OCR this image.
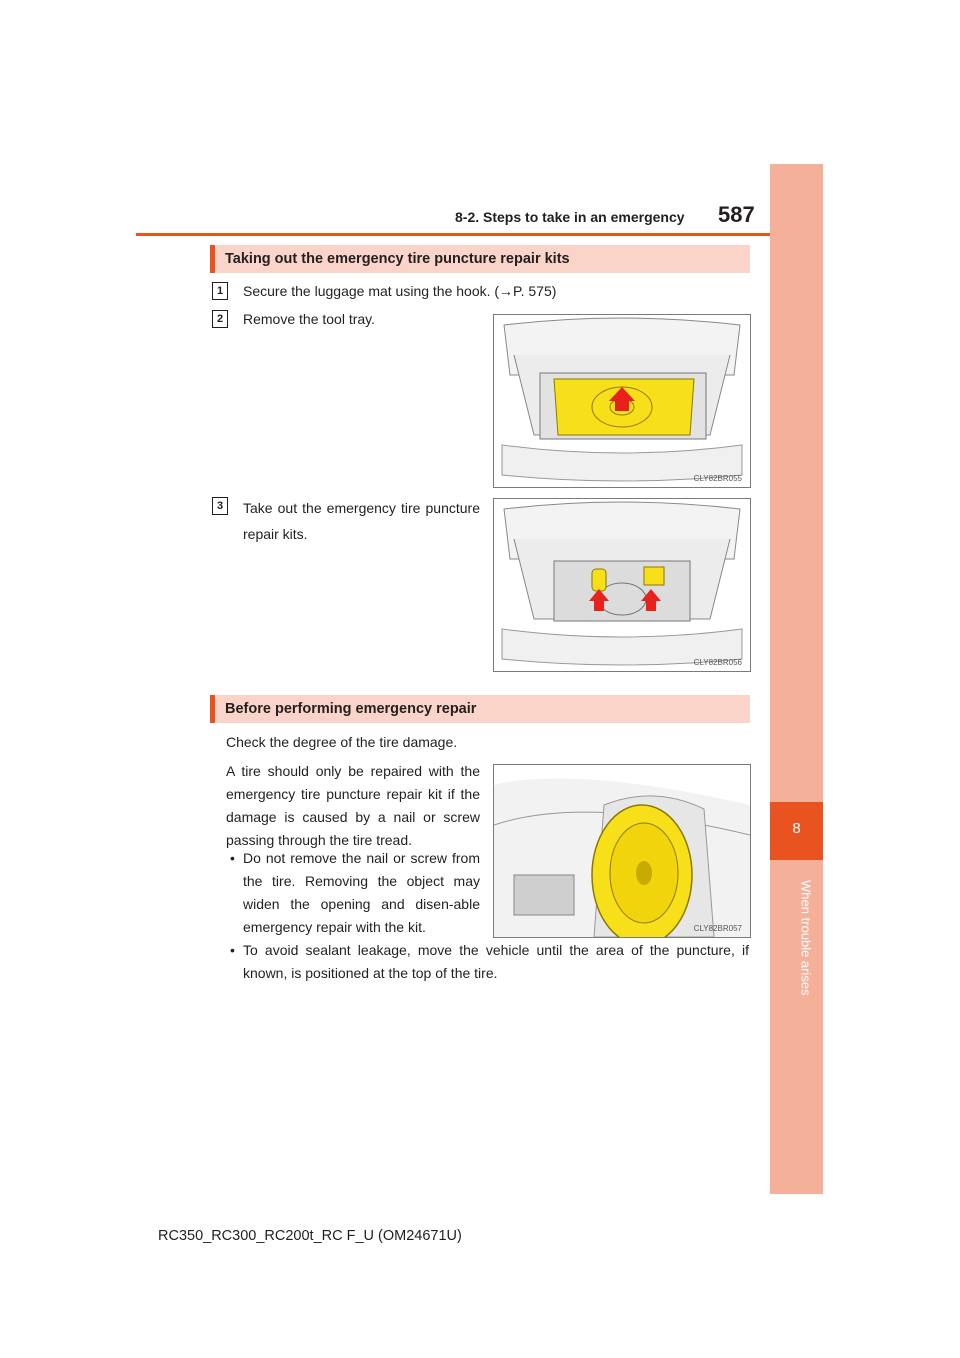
8-2. Steps to take in an emergency 587
8
When trouble arises
Taking out the emergency tire puncture repair kits
1	Secure the luggage mat using the hook. (→P. 575)
2	Remove the tool tray.
3	Take out the emergency tire puncture repair kits.
CLY82BR055
CLY82BR056
Before performing emergency repair
Check the degree of the tire damage.
A tire should only be repaired with the emergency tire puncture repair kit if the damage is caused by a nail or screw passing through the tire tread.
• Do not remove the nail or screw from the tire. Removing the object may widen the opening and disen-able emergency repair with the kit.
• To avoid sealant leakage, move the vehicle until the area of the puncture, if known, is positioned at the top of the tire.
CLY82BR057
RC350_RC300_RC200t_RC F_U (OM24671U)
